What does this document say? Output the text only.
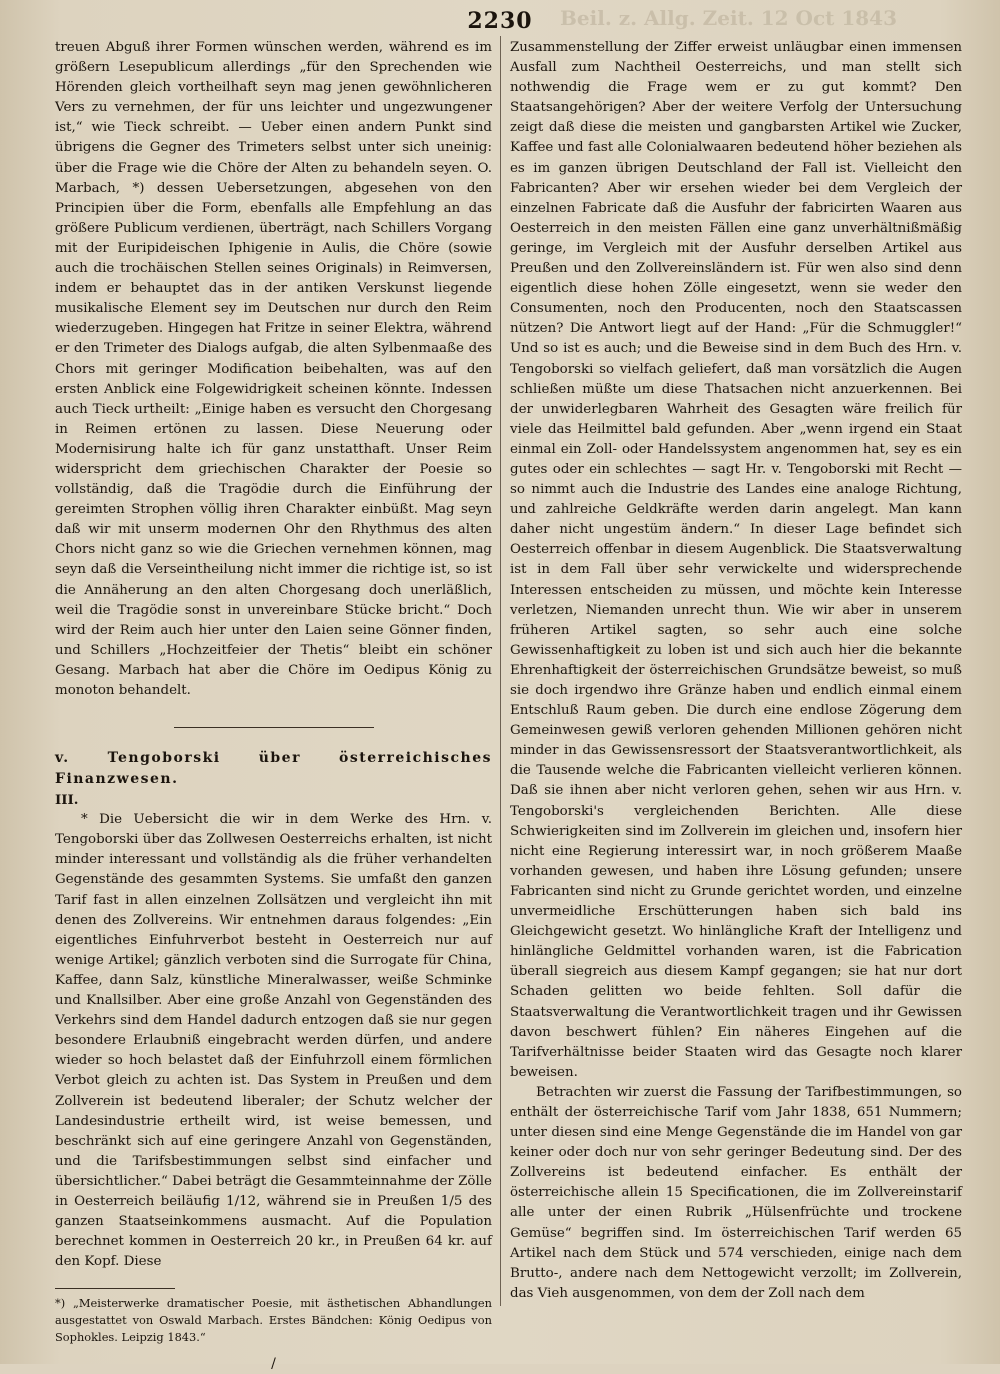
Beil. z. Allg. Zeit. 12 Oct 1843
2230

treuen Abguß ihrer Formen wünschen werden, während es im größern Lesepublicum allerdings „für den Sprechenden wie Hörenden gleich vortheilhaft seyn mag jenen gewöhnlicheren Vers zu vernehmen, der für uns leichter und ungezwungener ist,“ wie Tieck schreibt. — Ueber einen andern Punkt sind übrigens die Gegner des Trimeters selbst unter sich uneinig: über die Frage wie die Chöre der Alten zu behandeln seyen. O. Marbach, *) dessen Uebersetzungen, abgesehen von den Principien über die Form, ebenfalls alle Empfehlung an das größere Publicum verdienen, überträgt, nach Schillers Vorgang mit der Euripideischen Iphigenie in Aulis, die Chöre (sowie auch die trochäischen Stellen seines Originals) in Reimversen, indem er behauptet das in der antiken Verskunst liegende musikalische Element sey im Deutschen nur durch den Reim wiederzugeben. Hingegen hat Fritze in seiner Elektra, während er den Trimeter des Dialogs aufgab, die alten Sylbenmaaße des Chors mit geringer Modification beibehalten, was auf den ersten Anblick eine Folgewidrigkeit scheinen könnte. Indessen auch Tieck urtheilt: „Einige haben es versucht den Chorgesang in Reimen ertönen zu lassen. Diese Neuerung oder Modernisirung halte ich für ganz unstatthaft. Unser Reim widerspricht dem griechischen Charakter der Poesie so vollständig, daß die Tragödie durch die Einführung der gereimten Strophen völlig ihren Charakter einbüßt. Mag seyn daß wir mit unserm modernen Ohr den Rhythmus des alten Chors nicht ganz so wie die Griechen vernehmen können, mag seyn daß die Verseintheilung nicht immer die richtige ist, so ist die Annäherung an den alten Chorgesang doch unerläßlich, weil die Tragödie sonst in unvereinbare Stücke bricht.“ Doch wird der Reim auch hier unter den Laien seine Gönner finden, und Schillers „Hochzeitfeier der Thetis“ bleibt ein schöner Gesang. Marbach hat aber die Chöre im Oedipus König zu monoton behandelt.

v. Tengoborski über österreichisches Finanzwesen.

III.

* Die Uebersicht die wir in dem Werke des Hrn. v. Tengoborski über das Zollwesen Oesterreichs erhalten, ist nicht minder interessant und vollständig als die früher verhandelten Gegenstände des gesammten Systems. Sie umfaßt den ganzen Tarif fast in allen einzelnen Zollsätzen und vergleicht ihn mit denen des Zollvereins. Wir entnehmen daraus folgendes: „Ein eigentliches Einfuhrverbot besteht in Oesterreich nur auf wenige Artikel; gänzlich verboten sind die Surrogate für China, Kaffee, dann Salz, künstliche Mineralwasser, weiße Schminke und Knallsilber. Aber eine große Anzahl von Gegenständen des Verkehrs sind dem Handel dadurch entzogen daß sie nur gegen besondere Erlaubniß eingebracht werden dürfen, und andere wieder so hoch belastet daß der Einfuhrzoll einem förmlichen Verbot gleich zu achten ist. Das System in Preußen und dem Zollverein ist bedeutend liberaler; der Schutz welcher der Landesindustrie ertheilt wird, ist weise bemessen, und beschränkt sich auf eine geringere Anzahl von Gegenständen, und die Tarifsbestimmungen selbst sind einfacher und übersichtlicher.“ Dabei beträgt die Gesammteinnahme der Zölle in Oesterreich beiläufig 1/12, während sie in Preußen 1/5 des ganzen Staatseinkommens ausmacht. Auf die Population berechnet kommen in Oesterreich 20 kr., in Preußen 64 kr. auf den Kopf. Diese

*) „Meisterwerke dramatischer Poesie, mit ästhetischen Abhandlungen ausgestattet von Oswald Marbach. Erstes Bändchen: König Oedipus von Sophokles. Leipzig 1843.“

/

Zusammenstellung der Ziffer erweist unläugbar einen immensen Ausfall zum Nachtheil Oesterreichs, und man stellt sich nothwendig die Frage wem er zu gut kommt? Den Staatsangehörigen? Aber der weitere Verfolg der Untersuchung zeigt daß diese die meisten und gangbarsten Artikel wie Zucker, Kaffee und fast alle Colonialwaaren bedeutend höher beziehen als es im ganzen übrigen Deutschland der Fall ist. Vielleicht den Fabricanten? Aber wir ersehen wieder bei dem Vergleich der einzelnen Fabricate daß die Ausfuhr der fabricirten Waaren aus Oesterreich in den meisten Fällen eine ganz unverhältnißmäßig geringe, im Vergleich mit der Ausfuhr derselben Artikel aus Preußen und den Zollvereinsländern ist. Für wen also sind denn eigentlich diese hohen Zölle eingesetzt, wenn sie weder den Consumenten, noch den Producenten, noch den Staatscassen nützen? Die Antwort liegt auf der Hand: „Für die Schmuggler!“ Und so ist es auch; und die Beweise sind in dem Buch des Hrn. v. Tengoborski so vielfach geliefert, daß man vorsätzlich die Augen schließen müßte um diese Thatsachen nicht anzuerkennen. Bei der unwiderlegbaren Wahrheit des Gesagten wäre freilich für viele das Heilmittel bald gefunden. Aber „wenn irgend ein Staat einmal ein Zoll- oder Handelssystem angenommen hat, sey es ein gutes oder ein schlechtes — sagt Hr. v. Tengoborski mit Recht — so nimmt auch die Industrie des Landes eine analoge Richtung, und zahlreiche Geldkräfte werden darin angelegt. Man kann daher nicht ungestüm ändern.“ In dieser Lage befindet sich Oesterreich offenbar in diesem Augenblick. Die Staatsverwaltung ist in dem Fall über sehr verwickelte und widersprechende Interessen entscheiden zu müssen, und möchte kein Interesse verletzen, Niemanden unrecht thun. Wie wir aber in unserem früheren Artikel sagten, so sehr auch eine solche Gewissenhaftigkeit zu loben ist und sich auch hier die bekannte Ehrenhaftigkeit der österreichischen Grundsätze beweist, so muß sie doch irgendwo ihre Gränze haben und endlich einmal einem Entschluß Raum geben. Die durch eine endlose Zögerung dem Gemeinwesen gewiß verloren gehenden Millionen gehören nicht minder in das Gewissensressort der Staatsverantwortlichkeit, als die Tausende welche die Fabricanten vielleicht verlieren können. Daß sie ihnen aber nicht verloren gehen, sehen wir aus Hrn. v. Tengoborski's vergleichenden Berichten. Alle diese Schwierigkeiten sind im Zollverein im gleichen und, insofern hier nicht eine Regierung interessirt war, in noch größerem Maaße vorhanden gewesen, und haben ihre Lösung gefunden; unsere Fabricanten sind nicht zu Grunde gerichtet worden, und einzelne unvermeidliche Erschütterungen haben sich bald ins Gleichgewicht gesetzt. Wo hinlängliche Kraft der Intelligenz und hinlängliche Geldmittel vorhanden waren, ist die Fabrication überall siegreich aus diesem Kampf gegangen; sie hat nur dort Schaden gelitten wo beide fehlten. Soll dafür die Staatsverwaltung die Verantwortlichkeit tragen und ihr Gewissen davon beschwert fühlen? Ein näheres Eingehen auf die Tarifverhältnisse beider Staaten wird das Gesagte noch klarer beweisen.

Betrachten wir zuerst die Fassung der Tarifbestimmungen, so enthält der österreichische Tarif vom Jahr 1838, 651 Nummern; unter diesen sind eine Menge Gegenstände die im Handel von gar keiner oder doch nur von sehr geringer Bedeutung sind. Der des Zollvereins ist bedeutend einfacher. Es enthält der österreichische allein 15 Specificationen, die im Zollvereinstarif alle unter der einen Rubrik „Hülsenfrüchte und trockene Gemüse“ begriffen sind. Im österreichischen Tarif werden 65 Artikel nach dem Stück und 574 verschieden, einige nach dem Brutto-, andere nach dem Nettogewicht verzollt; im Zollverein, das Vieh ausgenommen, von dem der Zoll nach dem
